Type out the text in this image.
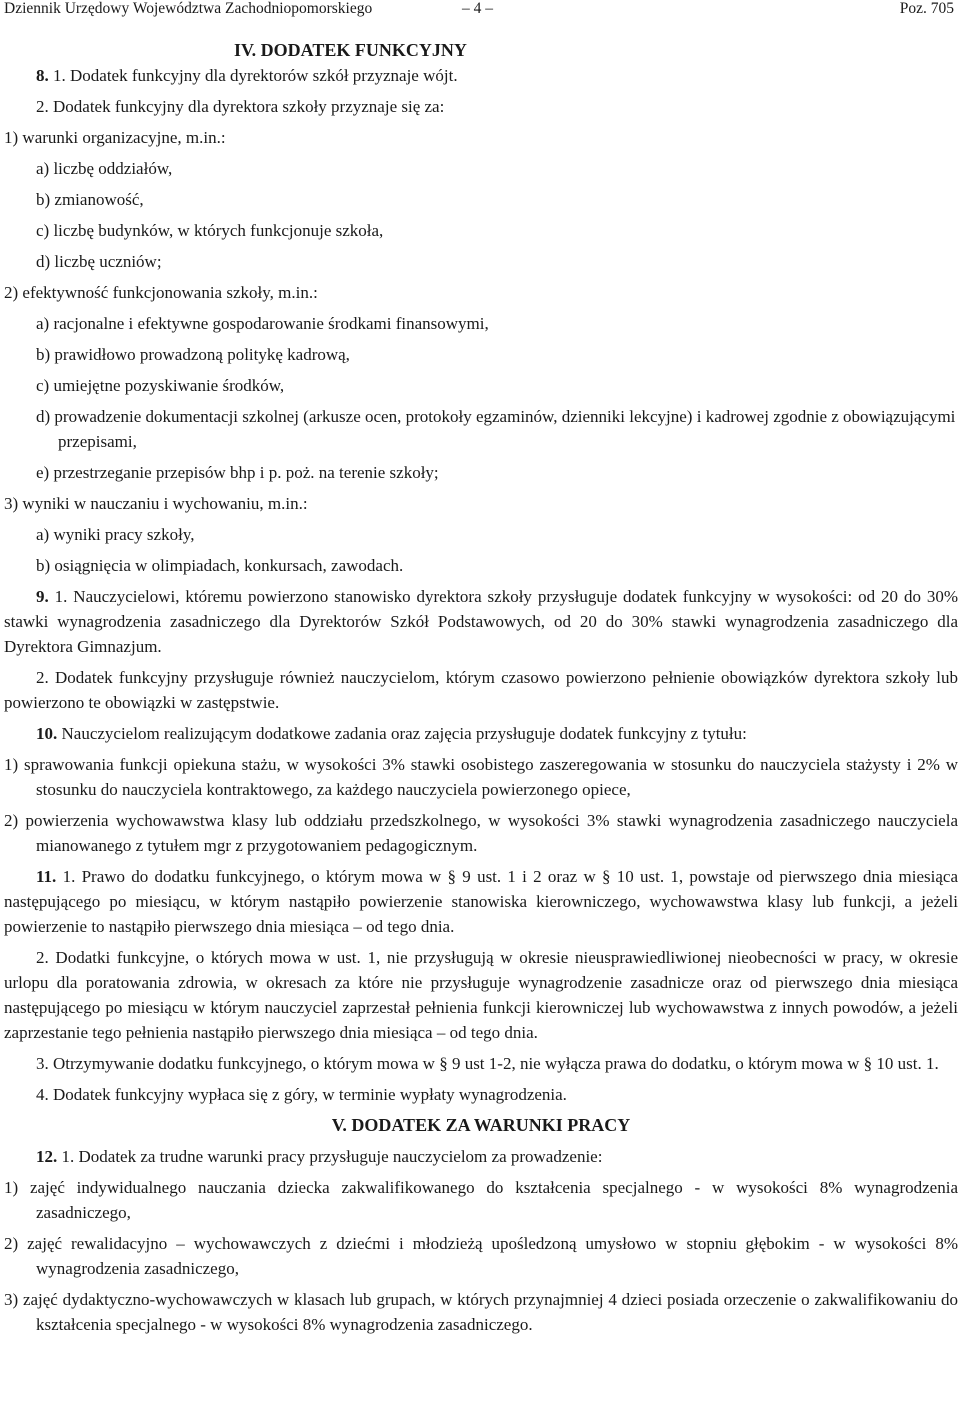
Dziennik Urzędowy Województwa Zachodniopomorskiego	– 4 –	Poz. 705

IV. DODATEK FUNKCYJNY

8. 1. Dodatek funkcyjny dla dyrektorów szkół przyznaje wójt.

2. Dodatek funkcyjny dla dyrektora szkoły przyznaje się za:

1) warunki organizacyjne, m.in.:

a) liczbę oddziałów,

b) zmianowość,

c) liczbę budynków, w których funkcjonuje szkoła,

d) liczbę uczniów;

2) efektywność funkcjonowania szkoły, m.in.:

a) racjonalne i efektywne gospodarowanie środkami finansowymi,

b) prawidłowo prowadzoną politykę kadrową,

c) umiejętne pozyskiwanie środków,

d) prowadzenie dokumentacji szkolnej (arkusze ocen, protokoły egzaminów, dzienniki lekcyjne) i kadrowej zgodnie z obowiązującymi przepisami,

e) przestrzeganie przepisów bhp i p. poż. na terenie szkoły;

3) wyniki w nauczaniu i wychowaniu, m.in.:

a) wyniki pracy szkoły,

b) osiągnięcia w olimpiadach, konkursach, zawodach.

9. 1. Nauczycielowi, któremu powierzono stanowisko dyrektora szkoły przysługuje dodatek funkcyjny w wysokości: od 20 do 30% stawki wynagrodzenia zasadniczego dla Dyrektorów Szkół Podstawowych, od 20 do 30% stawki wynagrodzenia zasadniczego dla Dyrektora Gimnazjum.

2. Dodatek funkcyjny przysługuje również nauczycielom, którym czasowo powierzono pełnienie obowiązków dyrektora szkoły lub powierzono te obowiązki w zastępstwie.

10. Nauczycielom realizującym dodatkowe zadania oraz zajęcia przysługuje dodatek funkcyjny z tytułu:

1) sprawowania funkcji opiekuna stażu, w wysokości 3% stawki osobistego zaszeregowania w stosunku do nauczyciela stażysty i 2% w stosunku do nauczyciela kontraktowego, za każdego nauczyciela powierzonego opiece,

2) powierzenia wychowawstwa klasy lub oddziału przedszkolnego, w wysokości 3% stawki wynagrodzenia zasadniczego nauczyciela mianowanego z tytułem mgr z przygotowaniem pedagogicznym.

11. 1. Prawo do dodatku funkcyjnego, o którym mowa w § 9 ust. 1 i 2 oraz w § 10 ust. 1, powstaje od pierwszego dnia miesiąca następującego po miesiącu, w którym nastąpiło powierzenie stanowiska kierowniczego, wychowawstwa klasy lub funkcji, a jeżeli powierzenie to nastąpiło pierwszego dnia miesiąca – od tego dnia.

2. Dodatki funkcyjne, o których mowa w ust. 1, nie przysługują w okresie nieusprawiedliwionej nieobecności w pracy, w okresie urlopu dla poratowania zdrowia, w okresach za które nie przysługuje wynagrodzenie zasadnicze oraz od pierwszego dnia miesiąca następującego po miesiącu w którym nauczyciel zaprzestał pełnienia funkcji kierowniczej lub wychowawstwa z innych powodów, a jeżeli zaprzestanie tego pełnienia nastąpiło pierwszego dnia miesiąca – od tego dnia.

3. Otrzymywanie dodatku funkcyjnego, o którym mowa w § 9 ust 1-2, nie wyłącza prawa do dodatku, o którym mowa w § 10 ust. 1.

4. Dodatek funkcyjny wypłaca się z góry, w terminie wypłaty wynagrodzenia.

V. DODATEK ZA WARUNKI PRACY

12. 1. Dodatek za trudne warunki pracy przysługuje nauczycielom za prowadzenie:

1) zajęć indywidualnego nauczania dziecka zakwalifikowanego do kształcenia specjalnego - w wysokości 8% wynagrodzenia zasadniczego,

2) zajęć rewalidacyjno – wychowawczych z dziećmi i młodzieżą upośledzoną umysłowo w stopniu głębokim - w wysokości 8% wynagrodzenia zasadniczego,

3) zajęć dydaktyczno-wychowawczych w klasach lub grupach, w których przynajmniej 4 dzieci posiada orzeczenie o zakwalifikowaniu do kształcenia specjalnego - w wysokości 8% wynagrodzenia zasadniczego.
